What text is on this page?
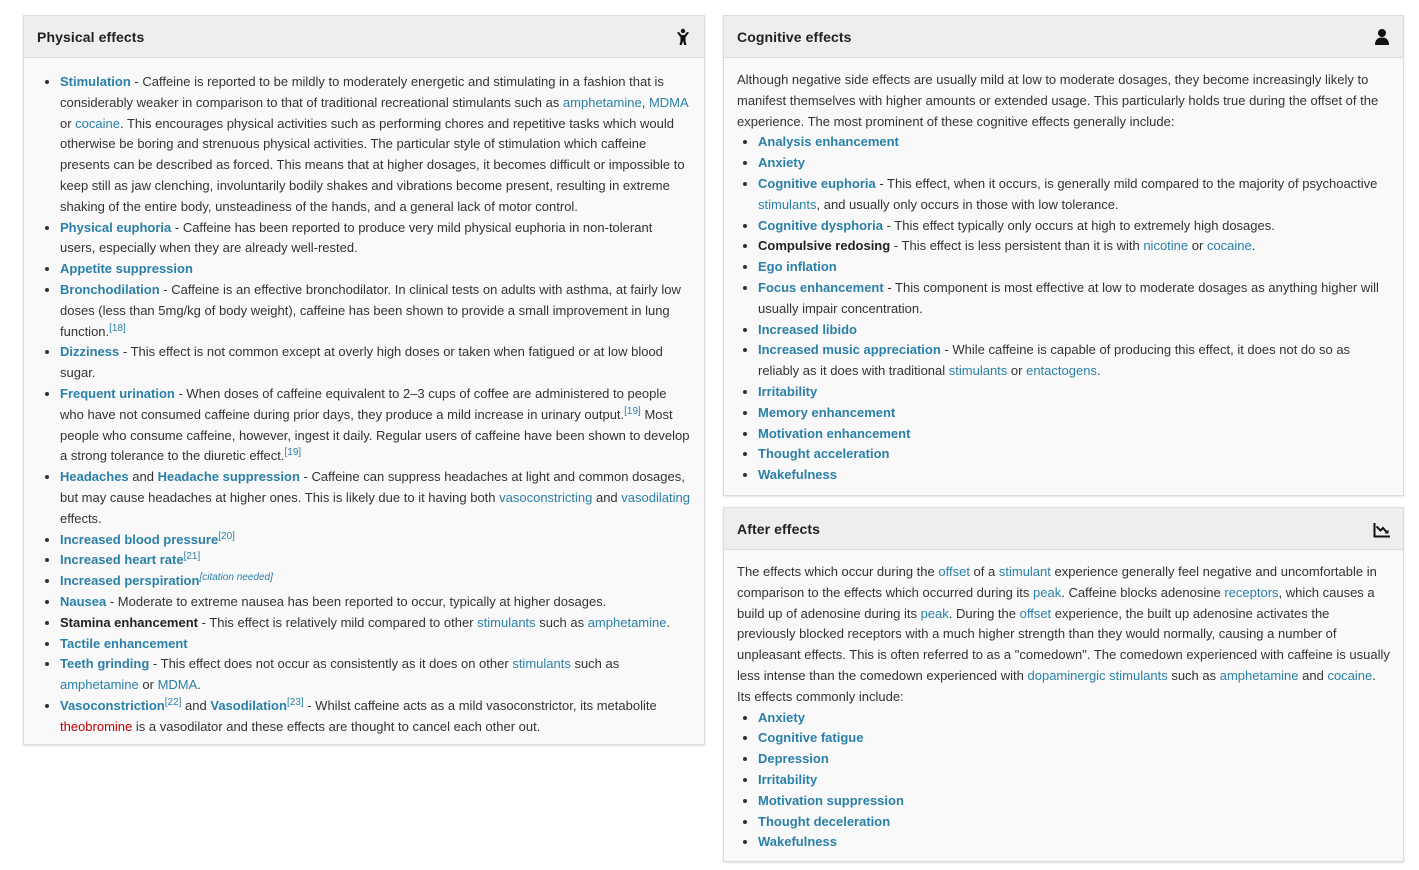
Physical effects
• Stimulation - Caffeine is reported to be mildly to moderately energetic and stimulating in a fashion that is considerably weaker in comparison to that of traditional recreational stimulants such as amphetamine, MDMA or cocaine. This encourages physical activities such as performing chores and repetitive tasks which would otherwise be boring and strenuous physical activities. The particular style of stimulation which caffeine presents can be described as forced. This means that at higher dosages, it becomes difficult or impossible to keep still as jaw clenching, involuntarily bodily shakes and vibrations become present, resulting in extreme shaking of the entire body, unsteadiness of the hands, and a general lack of motor control.
• Physical euphoria - Caffeine has been reported to produce very mild physical euphoria in non-tolerant users, especially when they are already well-rested.
• Appetite suppression
• Bronchodilation - Caffeine is an effective bronchodilator. In clinical tests on adults with asthma, at fairly low doses (less than 5mg/kg of body weight), caffeine has been shown to provide a small improvement in lung function.[18]
• Dizziness - This effect is not common except at overly high doses or taken when fatigued or at low blood sugar.
• Frequent urination - When doses of caffeine equivalent to 2–3 cups of coffee are administered to people who have not consumed caffeine during prior days, they produce a mild increase in urinary output.[19] Most people who consume caffeine, however, ingest it daily. Regular users of caffeine have been shown to develop a strong tolerance to the diuretic effect.[19]
• Headaches and Headache suppression - Caffeine can suppress headaches at light and common dosages, but may cause headaches at higher ones. This is likely due to it having both vasoconstricting and vasodilating effects.
• Increased blood pressure[20]
• Increased heart rate[21]
• Increased perspiration[citation needed]
• Nausea - Moderate to extreme nausea has been reported to occur, typically at higher dosages.
• Stamina enhancement - This effect is relatively mild compared to other stimulants such as amphetamine.
• Tactile enhancement
• Teeth grinding - This effect does not occur as consistently as it does on other stimulants such as amphetamine or MDMA.
• Vasoconstriction[22] and Vasodilation[23] - Whilst caffeine acts as a mild vasoconstrictor, its metabolite theobromine is a vasodilator and these effects are thought to cancel each other out.
Cognitive effects

Although negative side effects are usually mild at low to moderate dosages, they become increasingly likely to manifest themselves with higher amounts or extended usage. This particularly holds true during the offset of the experience. The most prominent of these cognitive effects generally include:

• Analysis enhancement
• Anxiety
• Cognitive euphoria - This effect, when it occurs, is generally mild compared to the majority of psychoactive stimulants, and usually only occurs in those with low tolerance.
• Cognitive dysphoria - This effect typically only occurs at high to extremely high dosages.
• Compulsive redosing - This effect is less persistent than it is with nicotine or cocaine.
• Ego inflation
• Focus enhancement - This component is most effective at low to moderate dosages as anything higher will usually impair concentration.
• Increased libido
• Increased music appreciation - While caffeine is capable of producing this effect, it does not do so as reliably as it does with traditional stimulants or entactogens.
• Irritability
• Memory enhancement
• Motivation enhancement
• Thought acceleration
• Wakefulness
After effects

The effects which occur during the offset of a stimulant experience generally feel negative and uncomfortable in comparison to the effects which occurred during its peak. Caffeine blocks adenosine receptors, which causes a build up of adenosine during its peak. During the offset experience, the built up adenosine activates the previously blocked receptors with a much higher strength than they would normally, causing a number of unpleasant effects. This is often referred to as a "comedown". The comedown experienced with caffeine is usually less intense than the comedown experienced with dopaminergic stimulants such as amphetamine and cocaine. Its effects commonly include:

• Anxiety
• Cognitive fatigue
• Depression
• Irritability
• Motivation suppression
• Thought deceleration
• Wakefulness
